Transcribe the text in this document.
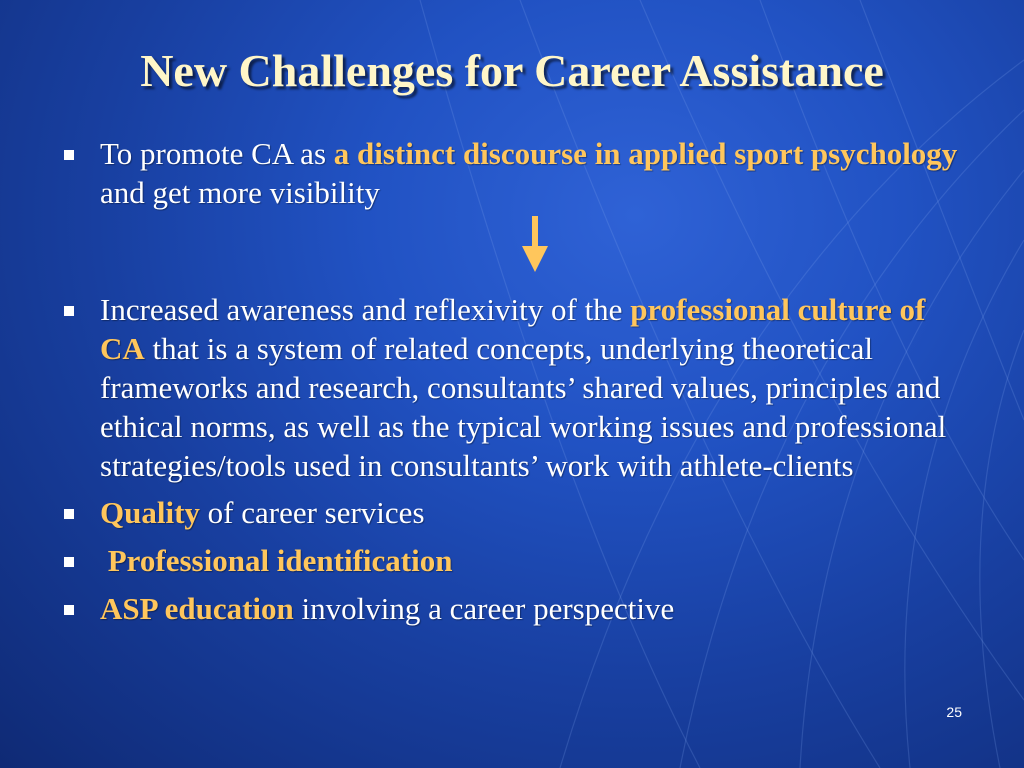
New Challenges for Career Assistance
To promote CA as a distinct discourse in applied sport psychology and get more visibility
Increased awareness and reflexivity of the professional culture of CA that is a system of related concepts, underlying theoretical frameworks and research, consultants’ shared values, principles and ethical norms, as well as the typical working issues and professional strategies/tools used in consultants’ work with athlete-clients
Quality of career services
Professional identification
ASP education involving a career perspective
25
